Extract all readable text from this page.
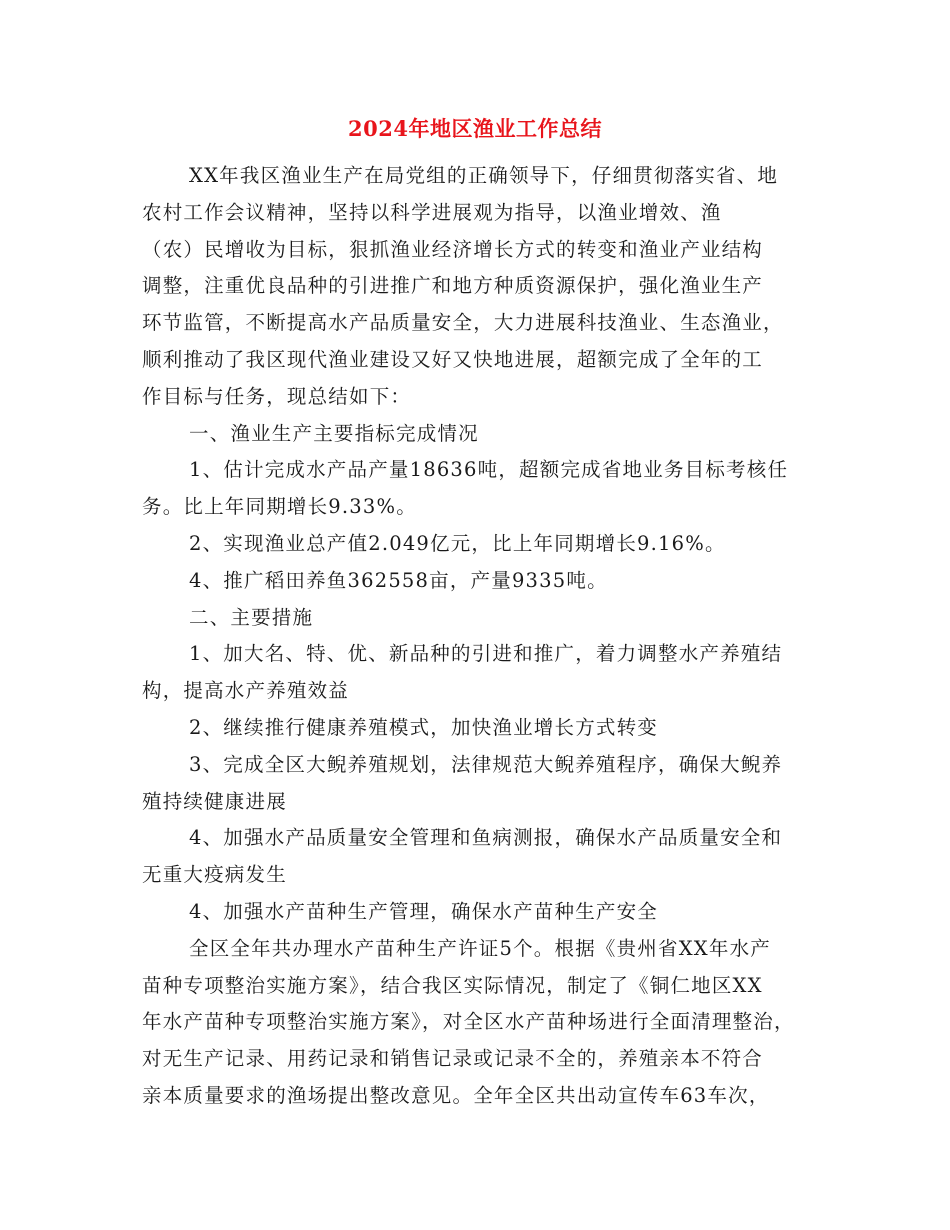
2024年地区渔业工作总结
XX年我区渔业生产在局党组的正确领导下，仔细贯彻落实省、地
农村工作会议精神，坚持以科学进展观为指导，以渔业增效、渔
（农）民增收为目标，狠抓渔业经济增长方式的转变和渔业产业结构
调整，注重优良品种的引进推广和地方种质资源保护，强化渔业生产
环节监管，不断提高水产品质量安全，大力进展科技渔业、生态渔业，
顺利推动了我区现代渔业建设又好又快地进展，超额完成了全年的工
作目标与任务，现总结如下：
一、渔业生产主要指标完成情况
1、估计完成水产品产量18636吨，超额完成省地业务目标考核任
务。比上年同期增长9.33%。
2、实现渔业总产值2.049亿元，比上年同期增长9.16%。
4、推广稻田养鱼362558亩，产量9335吨。
二、主要措施
1、加大名、特、优、新品种的引进和推广，着力调整水产养殖结
构，提高水产养殖效益
2、继续推行健康养殖模式，加快渔业增长方式转变
3、完成全区大鲵养殖规划，法律规范大鲵养殖程序，确保大鲵养
殖持续健康进展
4、加强水产品质量安全管理和鱼病测报，确保水产品质量安全和
无重大疫病发生
4、加强水产苗种生产管理，确保水产苗种生产安全
全区全年共办理水产苗种生产许证5个。根据《贵州省XX年水产
苗种专项整治实施方案》，结合我区实际情况，制定了《铜仁地区XX
年水产苗种专项整治实施方案》，对全区水产苗种场进行全面清理整治，
对无生产记录、用药记录和销售记录或记录不全的，养殖亲本不符合
亲本质量要求的渔场提出整改意见。全年全区共出动宣传车63车次，
